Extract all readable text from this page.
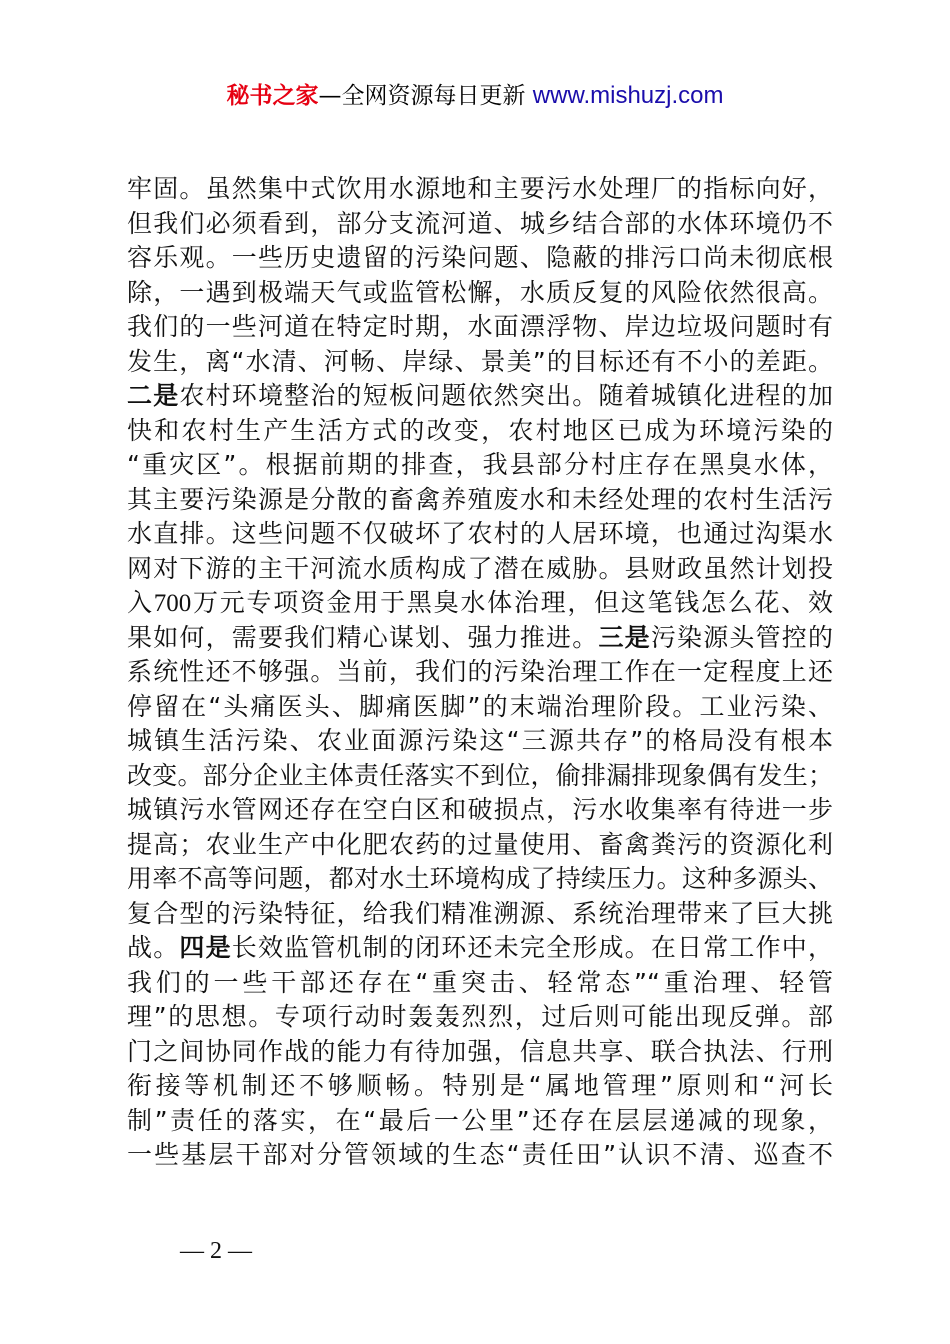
秘书之家—全网资源每日更新 www.mishuzj.com
牢固。虽然集中式饮用水源地和主要污水处理厂的指标向好，
但我们必须看到，部分支流河道、城乡结合部的水体环境仍不
容乐观。一些历史遗留的污染问题、隐蔽的排污口尚未彻底根
除，一遇到极端天气或监管松懈，水质反复的风险依然很高。
我们的一些河道在特定时期，水面漂浮物、岸边垃圾问题时有
发生，离“水清、河畅、岸绿、景美”的目标还有不小的差距。
二是农村环境整治的短板问题依然突出。随着城镇化进程的加
快和农村生产生活方式的改变，农村地区已成为环境污染的
“重灾区”。根据前期的排查，我县部分村庄存在黑臭水体，
其主要污染源是分散的畜禽养殖废水和未经处理的农村生活污
水直排。这些问题不仅破坏了农村的人居环境，也通过沟渠水
网对下游的主干河流水质构成了潜在威胁。县财政虽然计划投
入700万元专项资金用于黑臭水体治理，但这笔钱怎么花、效
果如何，需要我们精心谋划、强力推进。三是污染源头管控的
系统性还不够强。当前，我们的污染治理工作在一定程度上还
停留在“头痛医头、脚痛医脚”的末端治理阶段。工业污染、
城镇生活污染、农业面源污染这“三源共存”的格局没有根本
改变。部分企业主体责任落实不到位，偷排漏排现象偶有发生；
城镇污水管网还存在空白区和破损点，污水收集率有待进一步
提高；农业生产中化肥农药的过量使用、畜禽粪污的资源化利
用率不高等问题，都对水土环境构成了持续压力。这种多源头、
复合型的污染特征，给我们精准溯源、系统治理带来了巨大挑
战。四是长效监管机制的闭环还未完全形成。在日常工作中，
我们的一些干部还存在“重突击、轻常态”“重治理、轻管
理”的思想。专项行动时轰轰烈烈，过后则可能出现反弹。部
门之间协同作战的能力有待加强，信息共享、联合执法、行刑
衔接等机制还不够顺畅。特别是“属地管理”原则和“河长
制”责任的落实，在“最后一公里”还存在层层递减的现象，
一些基层干部对分管领域的生态“责任田”认识不清、巡查不
— 2 —
